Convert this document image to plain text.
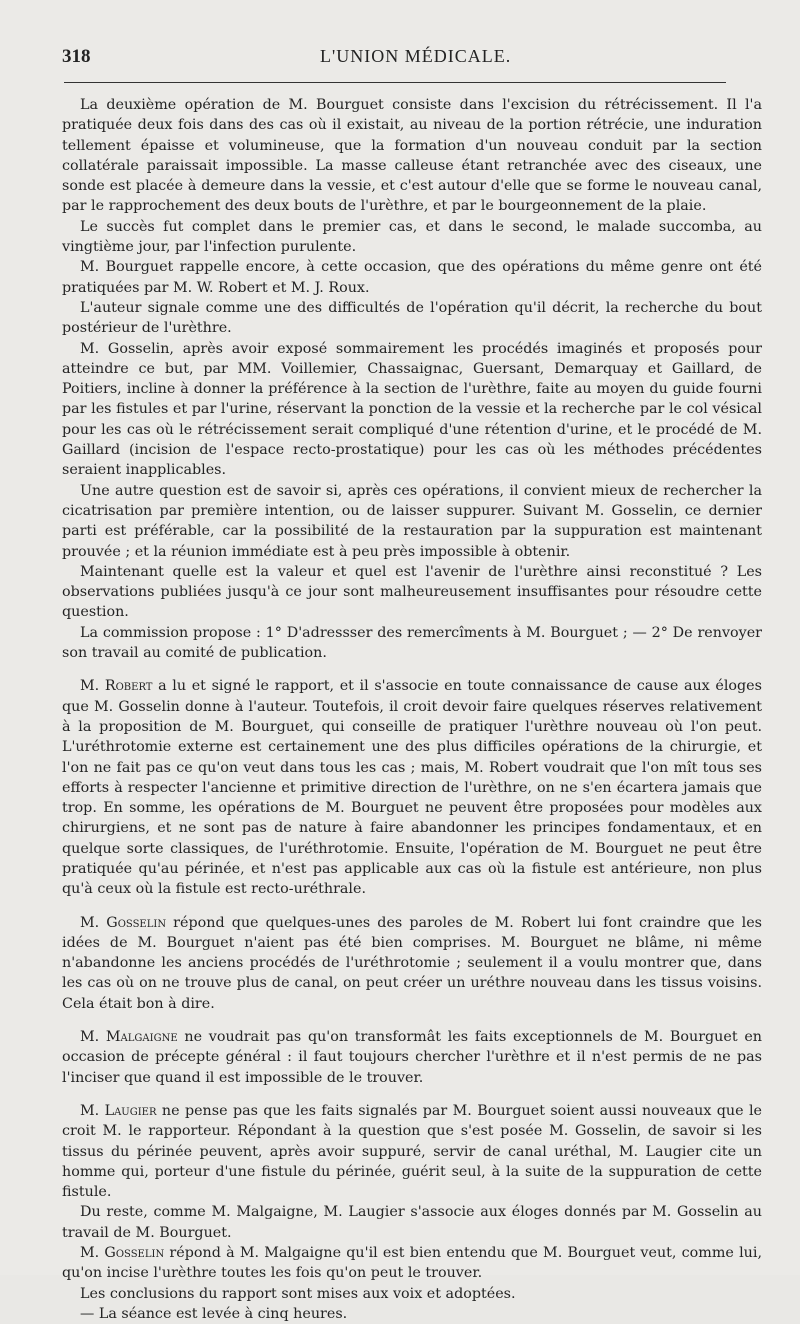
318	L'UNION MÉDICALE.

La deuxième opération de M. Bourguet consiste dans l'excision du rétrécissement. Il l'a pratiquée deux fois dans des cas où il existait, au niveau de la portion rétrécie, une induration tellement épaisse et volumineuse, que la formation d'un nouveau conduit par la section collatérale paraissait impossible. La masse calleuse étant retranchée avec des ciseaux, une sonde est placée à demeure dans la vessie, et c'est autour d'elle que se forme le nouveau canal, par le rapprochement des deux bouts de l'urèthre, et par le bourgeonnement de la plaie.

Le succès fut complet dans le premier cas, et dans le second, le malade succomba, au vingtième jour, par l'infection purulente.

M. Bourguet rappelle encore, à cette occasion, que des opérations du même genre ont été pratiquées par M. W. Robert et M. J. Roux.

L'auteur signale comme une des difficultés de l'opération qu'il décrit, la recherche du bout postérieur de l'urèthre.

M. Gosselin, après avoir exposé sommairement les procédés imaginés et proposés pour atteindre ce but, par MM. Voillemier, Chassaignac, Guersant, Demarquay et Gaillard, de Poitiers, incline à donner la préférence à la section de l'urèthre, faite au moyen du guide fourni par les fistules et par l'urine, réservant la ponction de la vessie et la recherche par le col vésical pour les cas où le rétrécissement serait compliqué d'une rétention d'urine, et le procédé de M. Gaillard (incision de l'espace recto-prostatique) pour les cas où les méthodes précédentes seraient inapplicables.

Une autre question est de savoir si, après ces opérations, il convient mieux de rechercher la cicatrisation par première intention, ou de laisser suppurer. Suivant M. Gosselin, ce dernier parti est préférable, car la possibilité de la restauration par la suppuration est maintenant prouvée ; et la réunion immédiate est à peu près impossible à obtenir.

Maintenant quelle est la valeur et quel est l'avenir de l'urèthre ainsi reconstitué ? Les observations publiées jusqu'à ce jour sont malheureusement insuffisantes pour résoudre cette question.

La commission propose : 1° D'adressser des remercîments à M. Bourguet ; — 2° De renvoyer son travail au comité de publication.

M. Robert a lu et signé le rapport, et il s'associe en toute connaissance de cause aux éloges que M. Gosselin donne à l'auteur. Toutefois, il croit devoir faire quelques réserves relativement à la proposition de M. Bourguet, qui conseille de pratiquer l'urèthre nouveau où l'on peut. L'uréthrotomie externe est certainement une des plus difficiles opérations de la chirurgie, et l'on ne fait pas ce qu'on veut dans tous les cas ; mais, M. Robert voudrait que l'on mît tous ses efforts à respecter l'ancienne et primitive direction de l'urèthre, on ne s'en écartera jamais que trop. En somme, les opérations de M. Bourguet ne peuvent être proposées pour modèles aux chirurgiens, et ne sont pas de nature à faire abandonner les principes fondamentaux, et en quelque sorte classiques, de l'uréthrotomie. Ensuite, l'opération de M. Bourguet ne peut être pratiquée qu'au périnée, et n'est pas applicable aux cas où la fistule est antérieure, non plus qu'à ceux où la fistule est recto-uréthrale.

M. Gosselin répond que quelques-unes des paroles de M. Robert lui font craindre que les idées de M. Bourguet n'aient pas été bien comprises. M. Bourguet ne blâme, ni même n'abandonne les anciens procédés de l'uréthrotomie ; seulement il a voulu montrer que, dans les cas où on ne trouve plus de canal, on peut créer un uréthre nouveau dans les tissus voisins. Cela était bon à dire.

M. Malgaigne ne voudrait pas qu'on transformât les faits exceptionnels de M. Bourguet en occasion de précepte général : il faut toujours chercher l'urèthre et il n'est permis de ne pas l'inciser que quand il est impossible de le trouver.

M. Laugier ne pense pas que les faits signalés par M. Bourguet soient aussi nouveaux que le croit M. le rapporteur. Répondant à la question que s'est posée M. Gosselin, de savoir si les tissus du périnée peuvent, après avoir suppuré, servir de canal uréthal, M. Laugier cite un homme qui, porteur d'une fistule du périnée, guérit seul, à la suite de la suppuration de cette fistule.

Du reste, comme M. Malgaigne, M. Laugier s'associe aux éloges donnés par M. Gosselin au travail de M. Bourguet.

M. Gosselin répond à M. Malgaigne qu'il est bien entendu que M. Bourguet veut, comme lui, qu'on incise l'urèthre toutes les fois qu'on peut le trouver.

Les conclusions du rapport sont mises aux voix et adoptées.

— La séance est levée à cinq heures.
